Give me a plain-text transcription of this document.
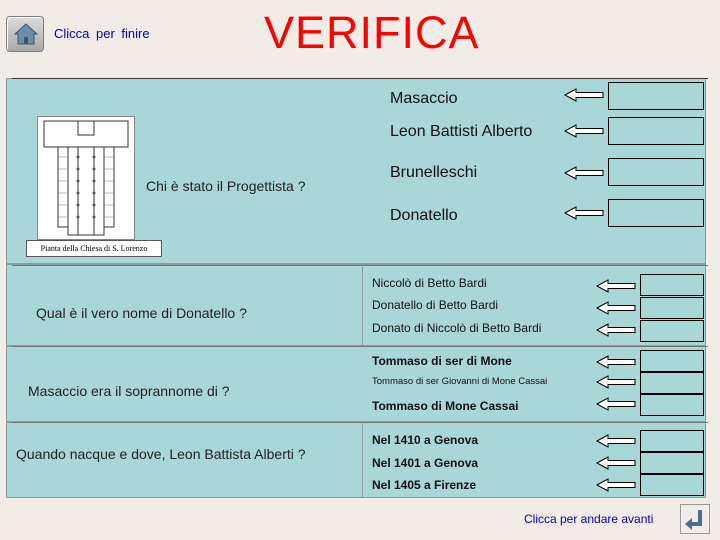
Clicca per finire	VERIFICA
Pianta della Chiesa di S. Lorenzo
Chi è stato il Progettista ?
Masaccio
Leon Battisti Alberto
Brunelleschi
Donatello
Qual è il vero nome di Donatello ?
Niccolò di Betto Bardi
Donatello di Betto Bardi
Donato di Niccolò di Betto Bardi
Masaccio era il soprannome di ?
Tommaso di ser di Mone
Tommaso di ser Giovanni di Mone Cassai
Tommaso di Mone Cassai
Quando nacque e dove, Leon Battista Alberti ?
Nel 1410 a Genova
Nel 1401 a Genova
Nel 1405 a Firenze
Clicca per andare avanti
